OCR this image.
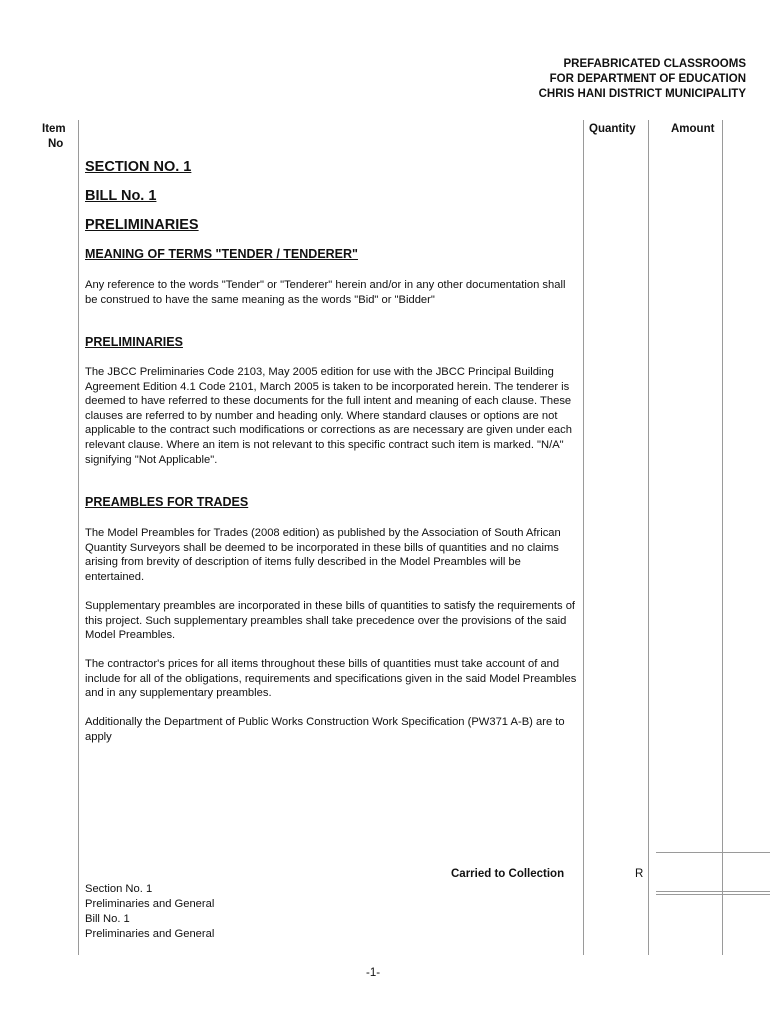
PREFABRICATED CLASSROOMS
FOR DEPARTMENT OF EDUCATION
CHRIS HANI DISTRICT MUNICIPALITY
Item
No
Quantity	Amount
SECTION NO. 1
BILL No. 1
PRELIMINARIES
MEANING OF TERMS "TENDER / TENDERER"
Any reference to the words "Tender" or "Tenderer" herein and/or in any other documentation shall be construed to have the same meaning as the words "Bid" or "Bidder"
PRELIMINARIES
The JBCC Preliminaries Code 2103, May 2005 edition for use with the JBCC Principal Building Agreement Edition 4.1 Code 2101, March 2005 is taken to be incorporated herein. The tenderer is deemed to have referred to these documents for the full intent and meaning of each clause. These clauses are referred to by number and heading only. Where standard clauses or options are not applicable to the contract such modifications or corrections as are necessary are given under each relevant clause. Where an item is not relevant to this specific contract such item is marked. "N/A" signifying "Not Applicable".
PREAMBLES FOR TRADES
The Model Preambles for Trades (2008 edition) as published by the Association of South African Quantity Surveyors shall be deemed to be incorporated in these bills of quantities and no claims arising from brevity of description of items fully described in the Model Preambles will be entertained.
Supplementary preambles are incorporated in these bills of quantities to satisfy the requirements of this project. Such supplementary preambles shall take precedence over the provisions of the said Model Preambles.
The contractor's prices for all items throughout these bills of quantities must take account of and include for all of the obligations, requirements and specifications given in the said Model Preambles and in any supplementary preambles.
Additionally the Department of Public Works Construction Work Specification (PW371 A-B) are to apply
Carried to Collection	R
Section No. 1
Preliminaries and General
Bill No. 1
Preliminaries and General
-1-
